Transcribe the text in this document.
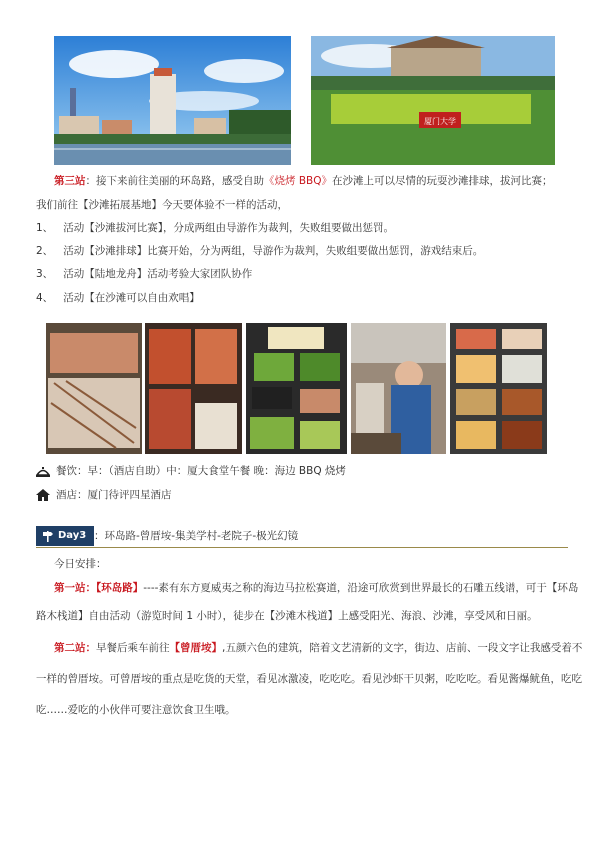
厦门大学
第三站：接下来前往美丽的环岛路，感受自助《烧烤 BBQ》在沙滩上可以尽情的玩耍沙滩排球，拔河比赛；
我们前往【沙滩拓展基地】今天要体验不一样的活动，
1、 活动【沙滩拔河比赛】，分成两组由导游作为裁判，失败组要做出惩罚。
2、 活动【沙滩排球】比赛开始，分为两组，导游作为裁判，失败组要做出惩罚，游戏结束后。
3、 活动【陆地龙舟】活动考验大家团队协作
4、 活动【在沙滩可以自由欢唱】
餐饮：早：（酒店自助）中：厦大食堂午餐 晚：海边 BBQ 烧烤
酒店：厦门待评四星酒店
Day3 ：环岛路-曾厝垵-集美学村-老院子-极光幻镜
今日安排：
第一站：【环岛路】----素有东方夏威夷之称的海边马拉松赛道，沿途可欣赏到世界最长的石雕五线谱，可于【环岛
路木栈道】自由活动（游览时间 1 小时），徒步在【沙滩木栈道】上感受阳光、海浪、沙滩，享受风和日丽。
第二站：早餐后乘车前往【曾厝垵】,五颜六色的建筑，陪着文艺清新的文字，街边、店前、一段文字让我感受着不
一样的曾厝垵。可曾厝垵的重点是吃货的天堂，看见冰激凌，吃吃吃。看见沙虾干贝粥，吃吃吃。看见酱爆鱿鱼，吃吃
吃……爱吃的小伙伴可要注意饮食卫生哦。
